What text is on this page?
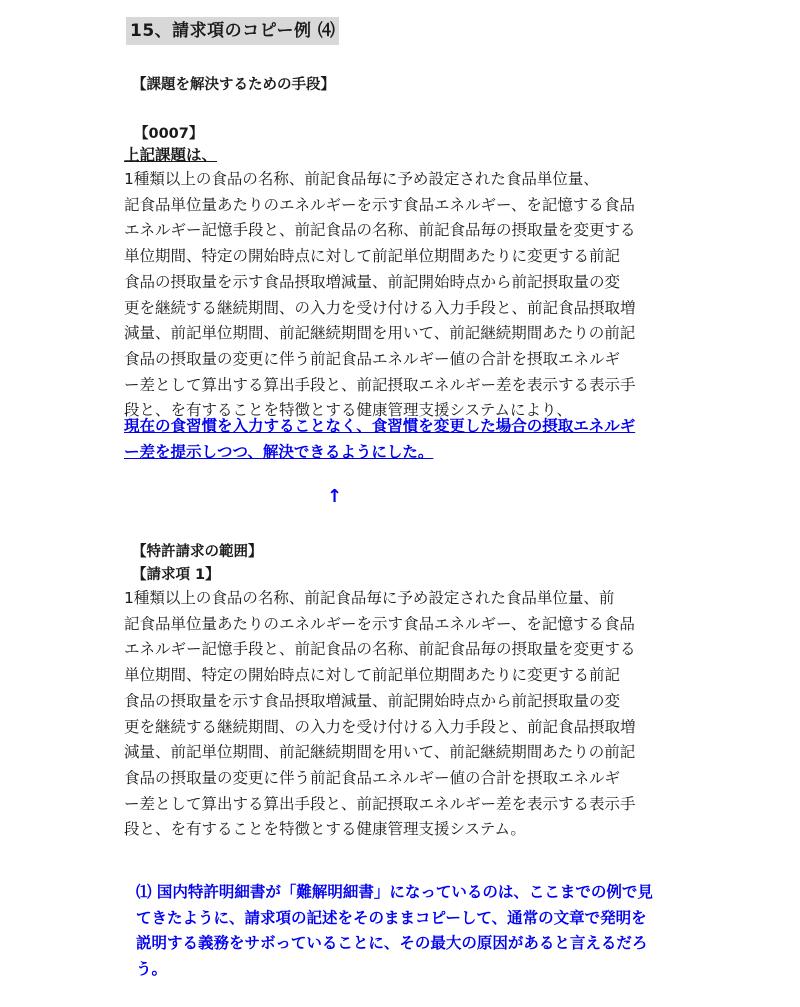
15、請求項のコピー例 ⑷
【課題を解決するための手段】
【0007】
上記課題は、
1種類以上の食品の名称、前記食品毎に予め設定された食品単位量、
記食品単位量あたりのエネルギーを示す食品エネルギー、を記憶する食品
エネルギー記憶手段と、前記食品の名称、前記食品毎の摂取量を変更する
単位期間、特定の開始時点に対して前記単位期間あたりに変更する前記
食品の摂取量を示す食品摂取増減量、前記開始時点から前記摂取量の変
更を継続する継続期間、の入力を受け付ける入力手段と、前記食品摂取増
減量、前記単位期間、前記継続期間を用いて、前記継続期間あたりの前記
食品の摂取量の変更に伴う前記食品エネルギー値の合計を摂取エネルギ
ー差として算出する算出手段と、前記摂取エネルギー差を表示する表示手
段と、を有することを特徴とする健康管理支援システムにより、
現在の食習慣を入力することなく、食習慣を変更した場合の摂取エネルギ
ー差を提示しつつ、解決できるようにした。
↑
【特許請求の範囲】
【請求項 1】
1種類以上の食品の名称、前記食品毎に予め設定された食品単位量、前
記食品単位量あたりのエネルギーを示す食品エネルギー、を記憶する食品
エネルギー記憶手段と、前記食品の名称、前記食品毎の摂取量を変更する
単位期間、特定の開始時点に対して前記単位期間あたりに変更する前記
食品の摂取量を示す食品摂取増減量、前記開始時点から前記摂取量の変
更を継続する継続期間、の入力を受け付ける入力手段と、前記食品摂取増
減量、前記単位期間、前記継続期間を用いて、前記継続期間あたりの前記
食品の摂取量の変更に伴う前記食品エネルギー値の合計を摂取エネルギ
ー差として算出する算出手段と、前記摂取エネルギー差を表示する表示手
段と、を有することを特徴とする健康管理支援システム。
⑴ 国内特許明細書が「難解明細書」になっているのは、ここまでの例で見
てきたように、請求項の記述をそのままコピーして、通常の文章で発明を
説明する義務をサボっていることに、その最大の原因があると言えるだろ
う。
